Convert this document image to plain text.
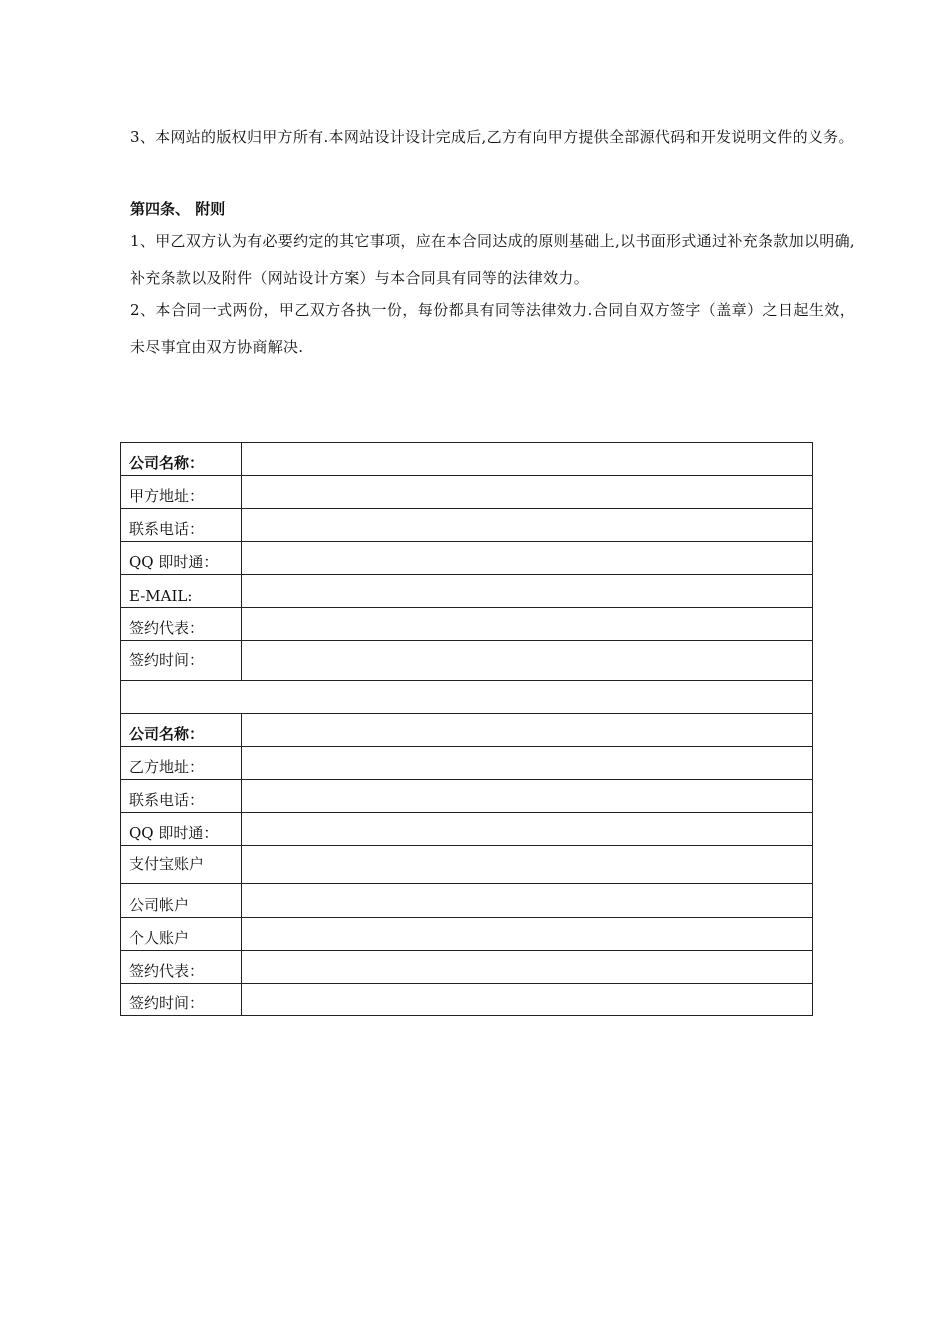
3、本网站的版权归甲方所有.本网站设计设计完成后,乙方有向甲方提供全部源代码和开发说明文件的义务。

第四条、 附则

1、甲乙双方认为有必要约定的其它事项，应在本合同达成的原则基础上,以书面形式通过补充条款加以明确,补充条款以及附件（网站设计方案）与本合同具有同等的法律效力。

2、本合同一式两份，甲乙双方各执一份，每份都具有同等法律效力.合同自双方签字（盖章）之日起生效，未尽事宜由双方协商解决.

公司名称：	
甲方地址：	
联系电话：	
QQ 即时通：	
E-MAIL:	
签约代表：	
签约时间：	

公司名称：	
乙方地址：	
联系电话：	
QQ 即时通：	
支付宝账户	
公司帐户	
个人账户	
签约代表：	
签约时间：	
